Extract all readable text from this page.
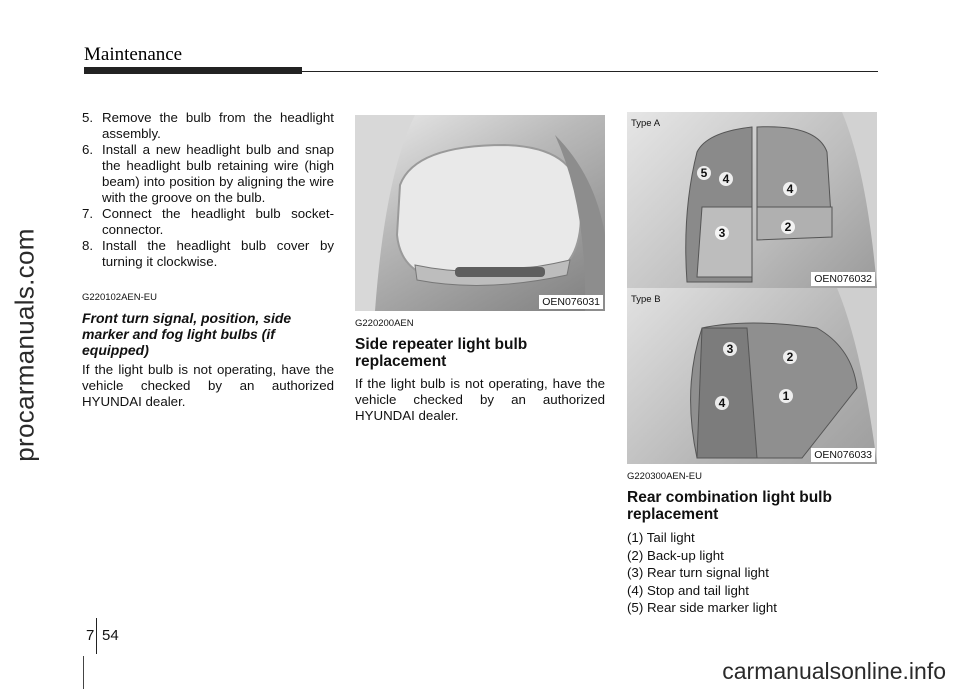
procarmanuals.com
carmanualsonline.info
Maintenance
5. Remove the bulb from the headlight assembly.
6. Install a new headlight bulb and snap the headlight bulb retaining wire (high beam) into position by aligning the wire with the groove on the bulb.
7. Connect the headlight bulb socket-connector.
8. Install the headlight bulb cover by turning it clockwise.
G220102AEN-EU
Front turn signal, position, side marker and fog light bulbs (if equipped)

If the light bulb is not operating, have the vehicle checked by an authorized HYUNDAI dealer.

OEN076031
G220200AEN
Side repeater light bulb replacement

If the light bulb is not operating, have the vehicle checked by an authorized HYUNDAI dealer.

Type A
5	4
4
3	2
OEN076032
Type B
3
2
4	1
OEN076033
G220300AEN-EU
Rear combination light bulb replacement
(1) Tail light
(2) Back-up light
(3) Rear turn signal light
(4) Stop and tail light
(5) Rear side marker light
7 54
